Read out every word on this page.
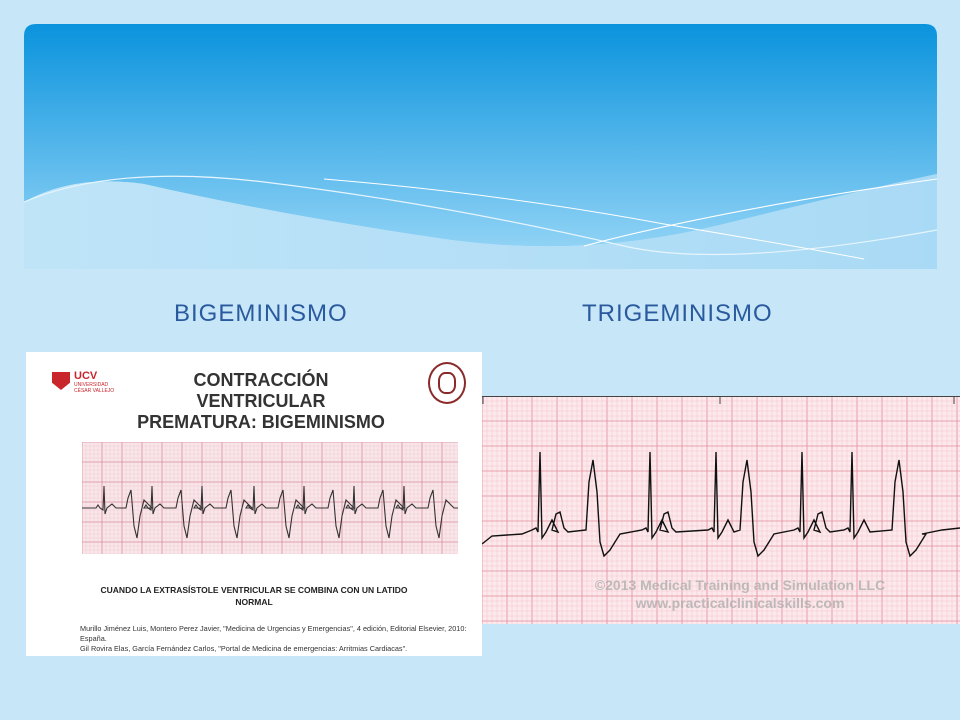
BIGEMINISMO	TRIGEMINISMO
UCV
UNIVERSIDAD CÉSAR VALLEJO
CONTRACCIÓN VENTRICULAR
PREMATURA: BIGEMINISMO
CUANDO LA EXTRASÍSTOLE VENTRICULAR SE COMBINA CON UN LATIDO
NORMAL
Murillo Jiménez Luis, Montero Perez Javier, "Medicina de Urgencias y Emergencias", 4 edición, Editorial Elsevier, 2010:
España.
Gil Rovira Elas, García Fernández Carlos, "Portal de Medicina de emergencias: Arritmias Cardiacas".
©2013 Medical Training and Simulation LLC
www.practicalclinicalskills.com
